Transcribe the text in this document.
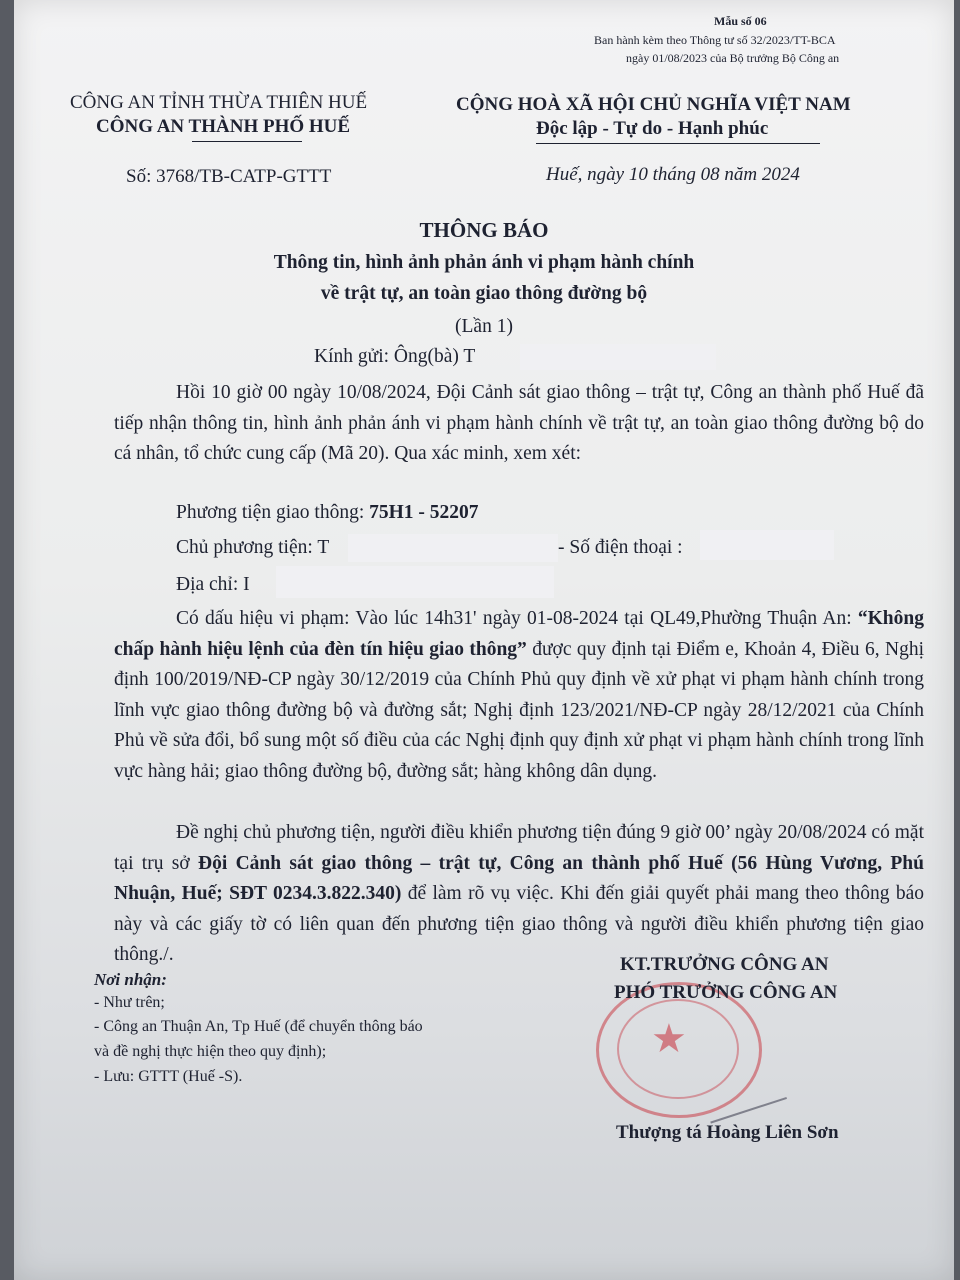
Mẫu số 06
Ban hành kèm theo Thông tư số 32/2023/TT-BCA
ngày 01/08/2023 của Bộ trưởng Bộ Công an
CÔNG AN TỈNH THỪA THIÊN HUẾ
CÔNG AN THÀNH PHỐ HUẾ
Số: 3768/TB-CATP-GTTT
CỘNG HOÀ XÃ HỘI CHỦ NGHĨA VIỆT NAM
Độc lập - Tự do - Hạnh phúc
Huế, ngày 10 tháng 08 năm 2024
THÔNG BÁO
Thông tin, hình ảnh phản ánh vi phạm hành chính
về trật tự, an toàn giao thông đường bộ
(Lần 1)
Kính gửi: Ông(bà) T

Hồi 10 giờ 00 ngày 10/08/2024, Đội Cảnh sát giao thông – trật tự, Công an thành phố Huế đã tiếp nhận thông tin, hình ảnh phản ánh vi phạm hành chính về trật tự, an toàn giao thông đường bộ do cá nhân, tổ chức cung cấp (Mã 20). Qua xác minh, xem xét:

Phương tiện giao thông: 75H1 - 52207
Chủ phương tiện: T	- Số điện thoại :
Địa chỉ: I

Có dấu hiệu vi phạm: Vào lúc 14h31' ngày 01-08-2024 tại QL49,Phường Thuận An: “Không chấp hành hiệu lệnh của đèn tín hiệu giao thông” được quy định tại Điểm e, Khoản 4, Điều 6, Nghị định 100/2019/NĐ-CP ngày 30/12/2019 của Chính Phủ quy định về xử phạt vi phạm hành chính trong lĩnh vực giao thông đường bộ và đường sắt; Nghị định 123/2021/NĐ-CP ngày 28/12/2021 của Chính Phủ về sửa đổi, bổ sung một số điều của các Nghị định quy định xử phạt vi phạm hành chính trong lĩnh vực hàng hải; giao thông đường bộ, đường sắt; hàng không dân dụng.

Đề nghị chủ phương tiện, người điều khiển phương tiện đúng 9 giờ 00’ ngày 20/08/2024 có mặt tại trụ sở Đội Cảnh sát giao thông – trật tự, Công an thành phố Huế (56 Hùng Vương, Phú Nhuận, Huế; SĐT 0234.3.822.340) để làm rõ vụ việc. Khi đến giải quyết phải mang theo thông báo này và các giấy tờ có liên quan đến phương tiện giao thông và người điều khiển phương tiện giao thông./.

Nơi nhận:
- Như trên;
- Công an Thuận An, Tp Huế (để chuyển thông báo
và đề nghị thực hiện theo quy định);
- Lưu: GTTT (Huế -S).
★
KT.TRƯỞNG CÔNG AN
PHÓ TRƯỞNG CÔNG AN
Thượng tá Hoàng Liên Sơn
